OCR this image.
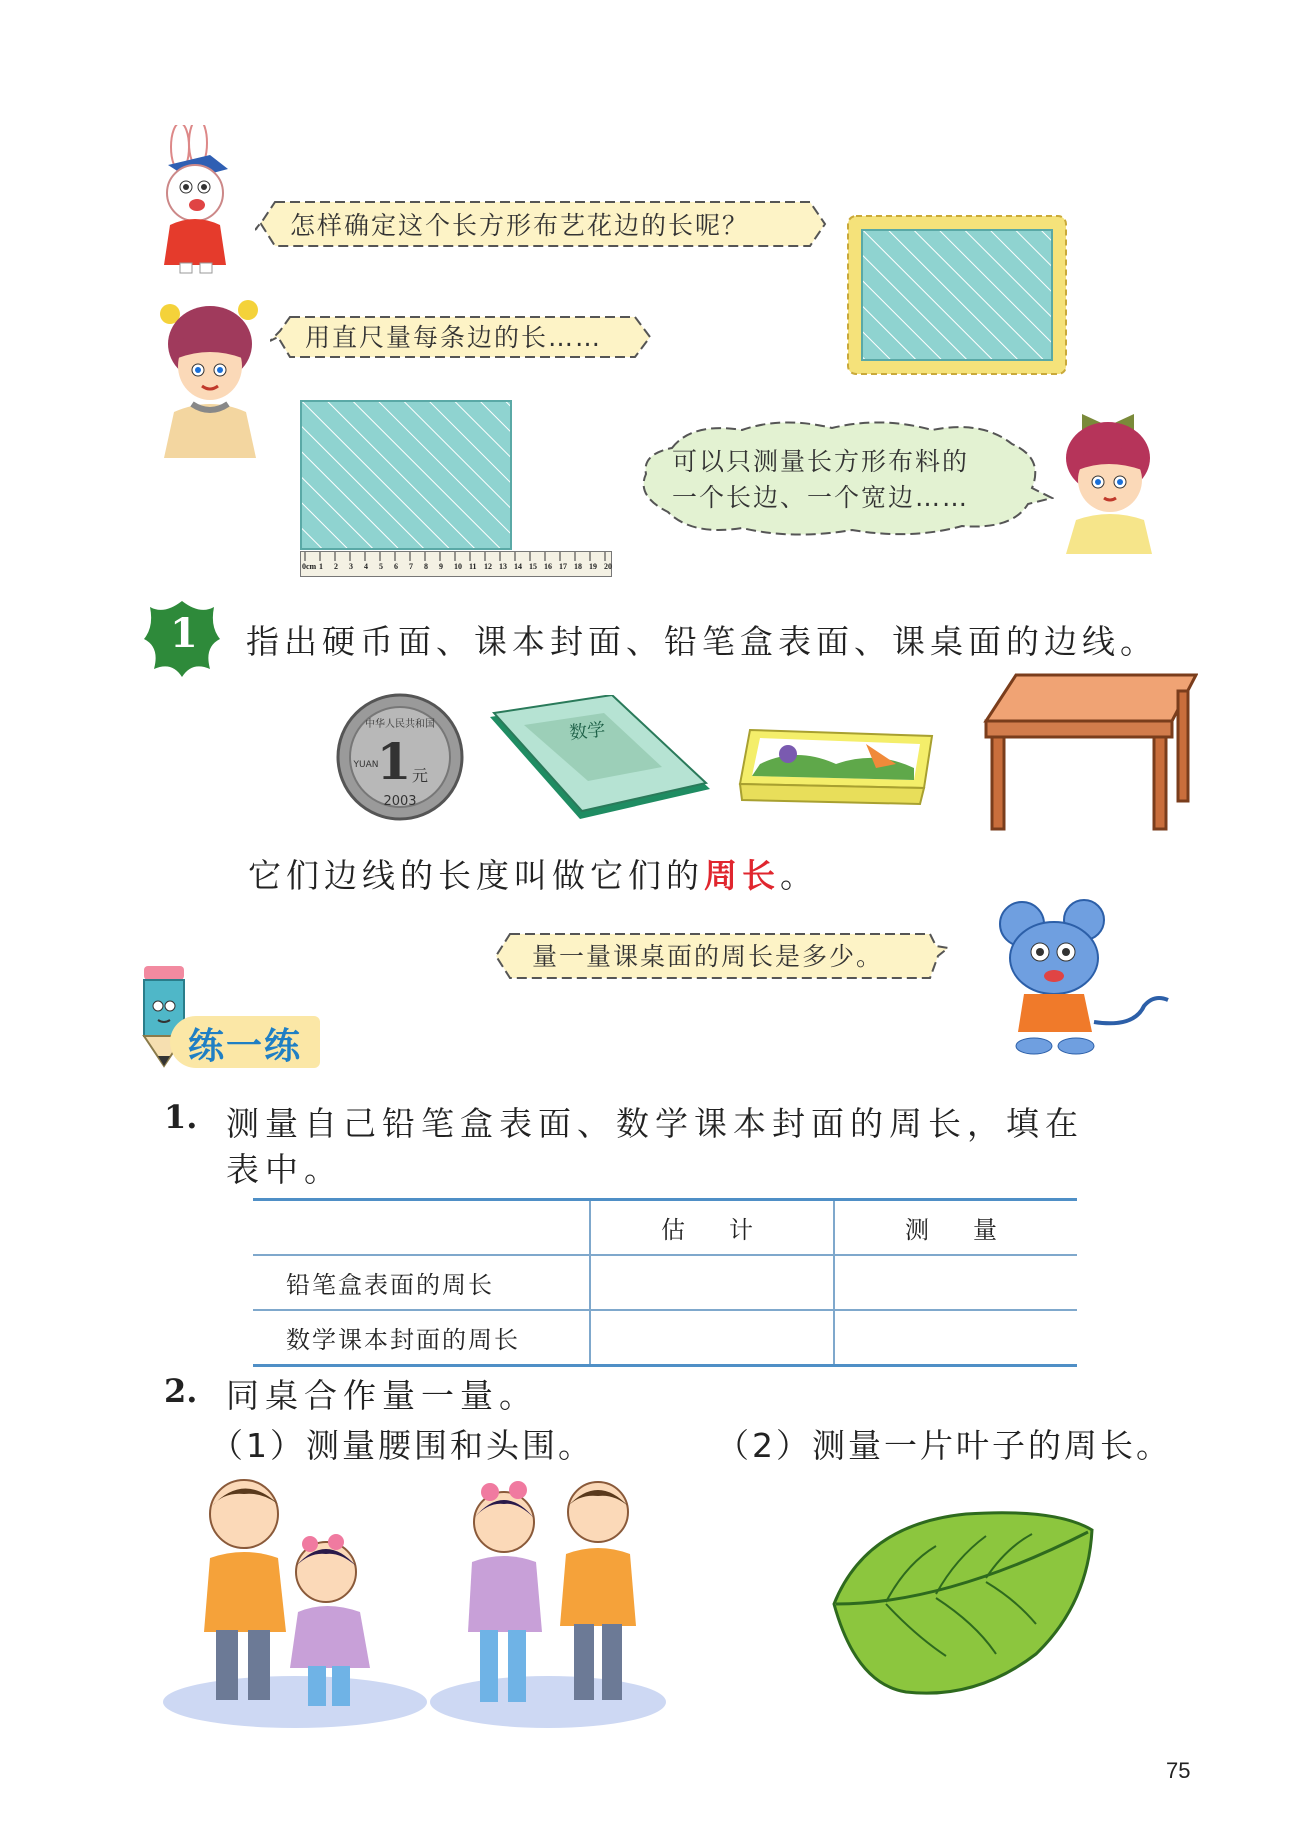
怎样确定这个长方形布艺花边的长呢？
用直尺量每条边的长……
0cm 1	2	3	4	5	6	7	8	9	10 11 12 13 14 15 16 17 18 19 20
可以只测量长方形布料的
一个长边、一个宽边……
1 指出硬币面、课本封面、铅笔盒表面、课桌面的边线。
中华人民共和国
1 元
YUAN
2003
数学
它们边线的长度叫做它们的周长。
量一量课桌面的周长是多少。
练一练
1. 测量自己铅笔盒表面、数学课本封面的周长，填在
表中。
	估　计	测　量
铅笔盒表面的周长		
数学课本封面的周长		
2. 同桌合作量一量。
（1）测量腰围和头围。	（2）测量一片叶子的周长。
75
